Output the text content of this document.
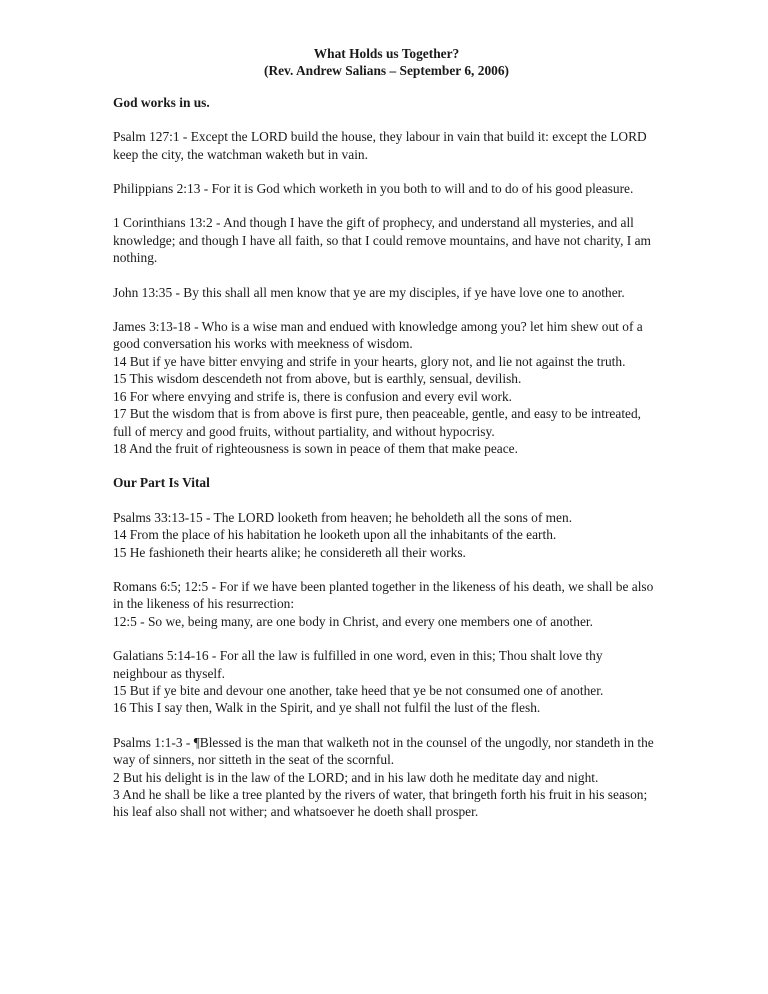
What Holds us Together?

(Rev. Andrew Salians – September 6, 2006)

God works in us.

Psalm 127:1 - Except the LORD build the house, they labour in vain that build it: except the LORD keep the city, the watchman waketh but in vain.

Philippians 2:13 - For it is God which worketh in you both to will and to do of his good pleasure.

1 Corinthians 13:2 - And though I have the gift of prophecy, and understand all mysteries, and all knowledge; and though I have all faith, so that I could remove mountains, and have not charity, I am nothing.

John 13:35 - By this shall all men know that ye are my disciples, if ye have love one to another.

James 3:13-18 - Who is a wise man and endued with knowledge among you? let him shew out of a good conversation his works with meekness of wisdom.

14 But if ye have bitter envying and strife in your hearts, glory not, and lie not against the truth.

15 This wisdom descendeth not from above, but is earthly, sensual, devilish.

16 For where envying and strife is, there is confusion and every evil work.

17 But the wisdom that is from above is first pure, then peaceable, gentle, and easy to be intreated, full of mercy and good fruits, without partiality, and without hypocrisy.

18 And the fruit of righteousness is sown in peace of them that make peace.

Our Part Is Vital

Psalms 33:13-15 - The LORD looketh from heaven; he beholdeth all the sons of men.

14 From the place of his habitation he looketh upon all the inhabitants of the earth.

15 He fashioneth their hearts alike; he considereth all their works.

Romans 6:5; 12:5 - For if we have been planted together in the likeness of his death, we shall be also in the likeness of his resurrection:

12:5 - So we, being many, are one body in Christ, and every one members one of another.

Galatians 5:14-16 - For all the law is fulfilled in one word, even in this; Thou shalt love thy neighbour as thyself.

15 But if ye bite and devour one another, take heed that ye be not consumed one of another.

16 This I say then, Walk in the Spirit, and ye shall not fulfil the lust of the flesh.

Psalms 1:1-3 - ¶Blessed is the man that walketh not in the counsel of the ungodly, nor standeth in the way of sinners, nor sitteth in the seat of the scornful.

2 But his delight is in the law of the LORD; and in his law doth he meditate day and night.

3 And he shall be like a tree planted by the rivers of water, that bringeth forth his fruit in his season; his leaf also shall not wither; and whatsoever he doeth shall prosper.
